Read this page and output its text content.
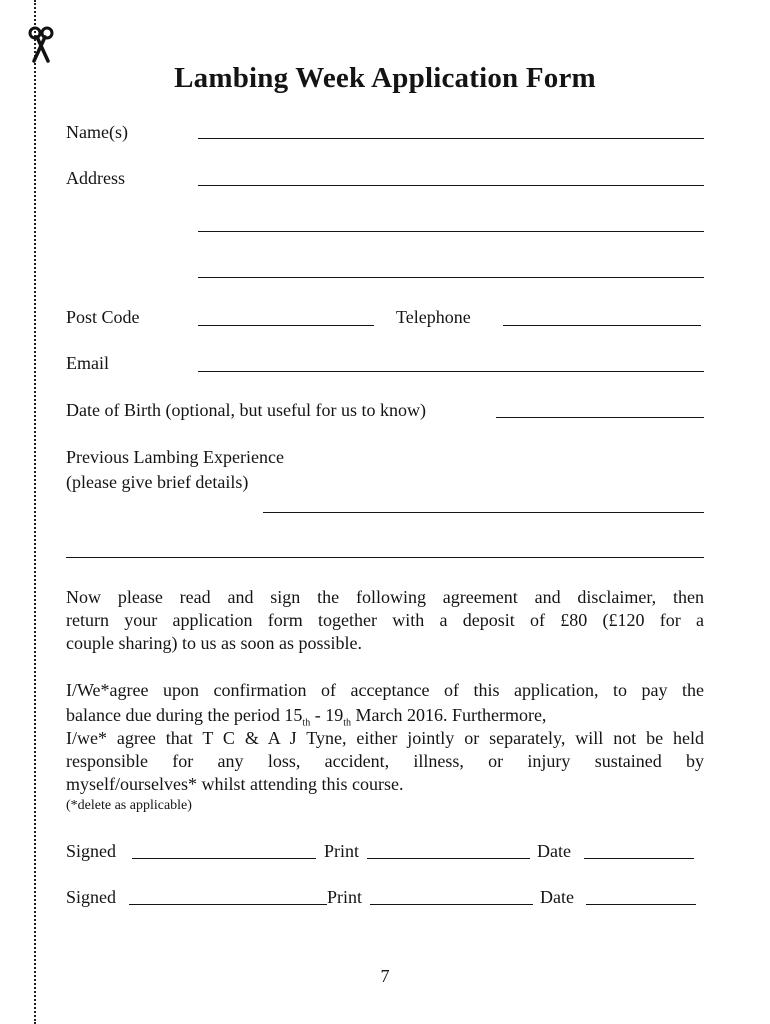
Lambing Week Application Form
Name(s)
Address
Post Code	Telephone
Email
Date of Birth (optional, but useful for us to know)
Previous Lambing Experience
(please give brief details)
Now please read and sign the following agreement and disclaimer, then
return your application form together with a deposit of £80 (£120 for a
couple sharing) to us as soon as possible.
I/We*agree upon confirmation of acceptance of this application, to pay the
balance due during the period $15_{th} - 19_{th}$ March 2016. Furthermore,
I/we* agree that T C & A J Tyne, either jointly or separately, will not be held
responsible for any loss, accident, illness, or injury sustained by
myself/ourselves* whilst attending this course.
(*delete as applicable)
Signed	Print	Date
Signed	Print	Date
7
